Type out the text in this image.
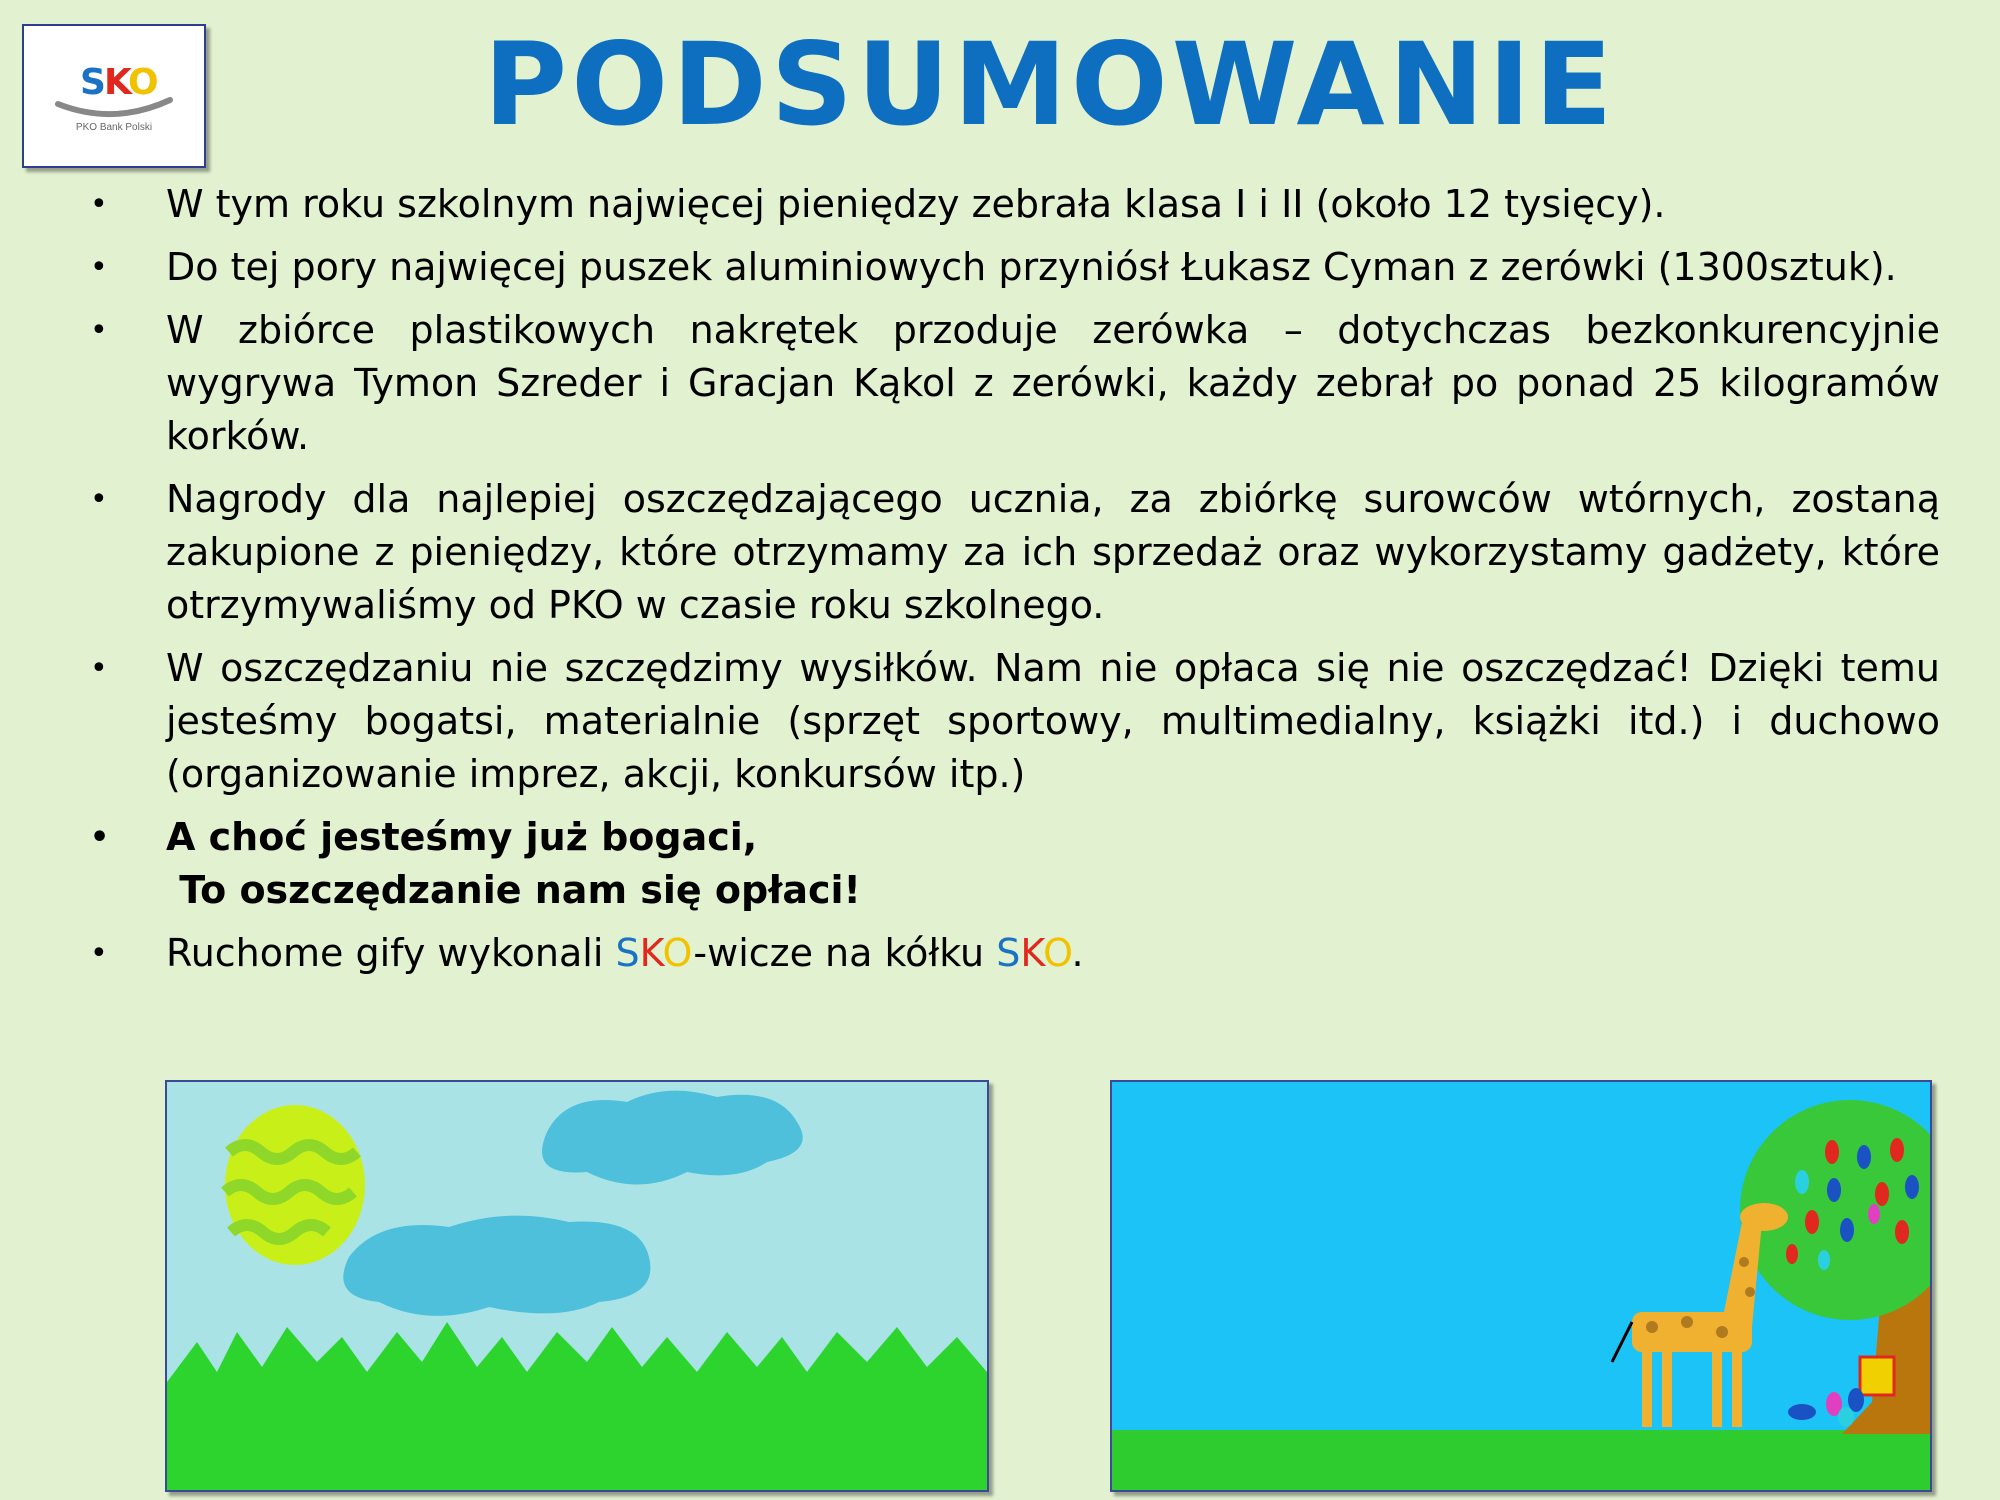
S
K
O
PKO Bank Polski	PODSUMOWANIE
• W tym roku szkolnym najwięcej pieniędzy zebrała klasa I i II (około 12 tysięcy).
• Do tej pory najwięcej puszek aluminiowych przyniósł Łukasz Cyman z zerówki (1300sztuk).
• W zbiórce plastikowych nakrętek przoduje zerówka – dotychczas bezkonkurencyjnie wygrywa Tymon Szreder i Gracjan Kąkol z zerówki, każdy zebrał po ponad 25 kilogramów korków.
• Nagrody dla najlepiej oszczędzającego ucznia, za zbiórkę surowców wtórnych, zostaną zakupione z pieniędzy, które otrzymamy za ich sprzedaż oraz wykorzystamy gadżety, które otrzymywaliśmy od PKO w czasie roku szkolnego.
• W oszczędzaniu nie szczędzimy wysiłków. Nam nie opłaca się nie oszczędzać! Dzięki temu jesteśmy bogatsi, materialnie (sprzęt sportowy, multimedialny, książki itd.) i duchowo (organizowanie imprez, akcji, konkursów itp.)
• A choć jesteśmy już bogaci,
To oszczędzanie nam się opłaci!
• Ruchome gify wykonali SKO-wicze na kółku SKO.
